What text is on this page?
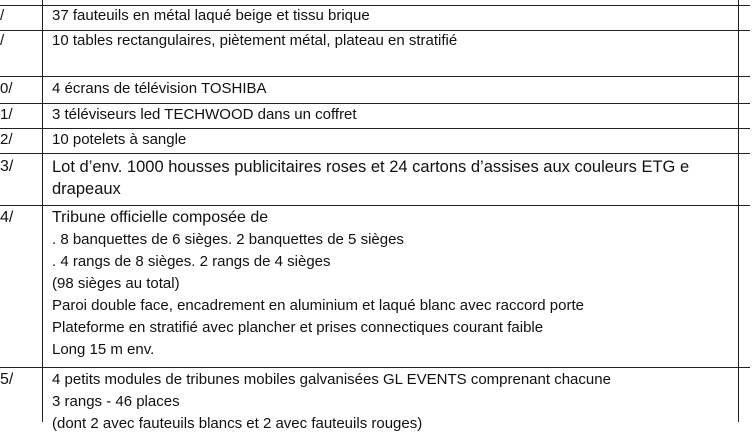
/	37 fauteuils en métal laqué beige et tissu brique
/	10 tables rectangulaires, piètement métal, plateau en stratifié
0/	4 écrans de télévision TOSHIBA
1/	3 téléviseurs led TECHWOOD dans un coffret
2/	10 potelets à sangle
3/	Lot d’env. 1000 housses publicitaires roses et 24 cartons d’assises aux couleurs ETG e
drapeaux
4/	Tribune officielle composée de
. 8 banquettes de 6 sièges. 2 banquettes de 5 sièges
. 4 rangs de 8 sièges. 2 rangs de 4 sièges
(98 sièges au total)
Paroi double face, encadrement en aluminium et laqué blanc avec raccord porte
Plateforme en stratifié avec plancher et prises connectiques courant faible
Long 15 m env.
5/	4 petits modules de tribunes mobiles galvanisées GL EVENTS comprenant chacune
3 rangs - 46 places
(dont 2 avec fauteuils blancs et 2 avec fauteuils rouges)
